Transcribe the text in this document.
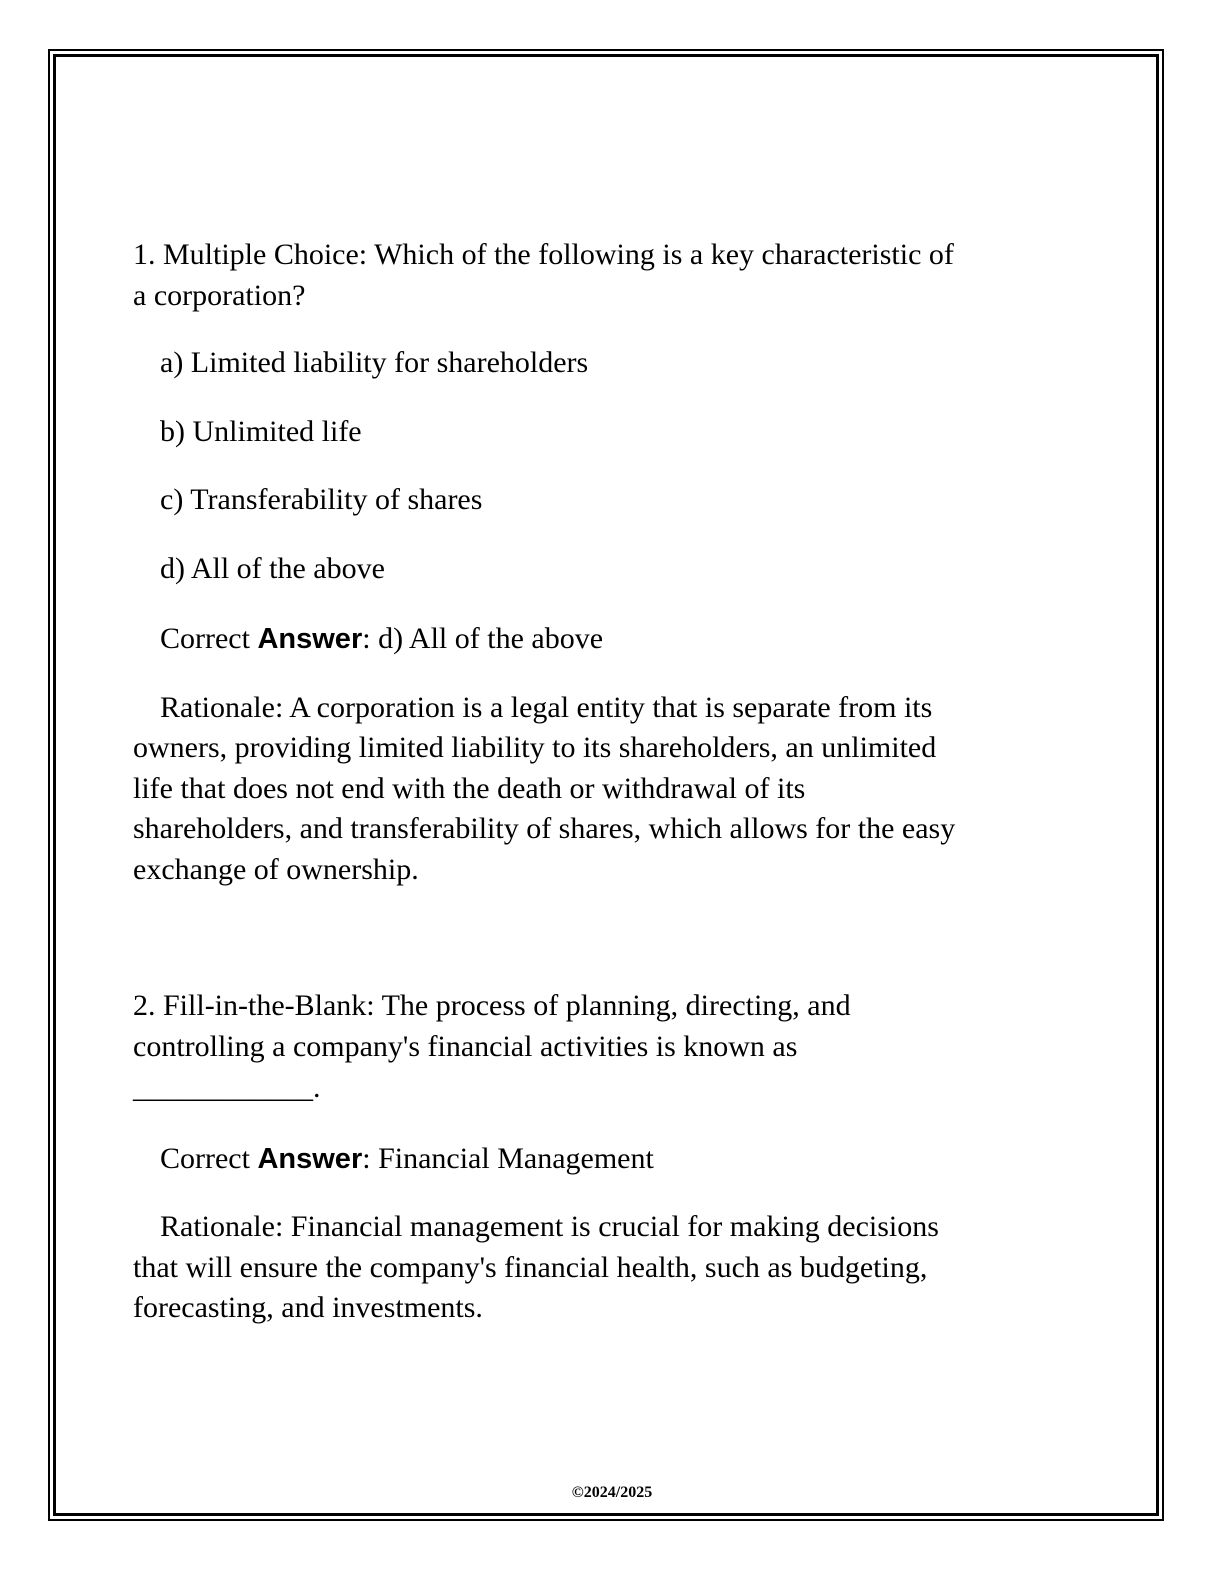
1. Multiple Choice: Which of the following is a key characteristic of
a corporation?
a) Limited liability for shareholders
b) Unlimited life
c) Transferability of shares
d) All of the above
Correct Answer: d) All of the above
Rationale: A corporation is a legal entity that is separate from its
owners, providing limited liability to its shareholders, an unlimited
life that does not end with the death or withdrawal of its
shareholders, and transferability of shares, which allows for the easy
exchange of ownership.
2. Fill-in-the-Blank: The process of planning, directing, and
controlling a company's financial activities is known as
____________.
Correct Answer: Financial Management
Rationale: Financial management is crucial for making decisions
that will ensure the company's financial health, such as budgeting,
forecasting, and investments.
©2024/2025
